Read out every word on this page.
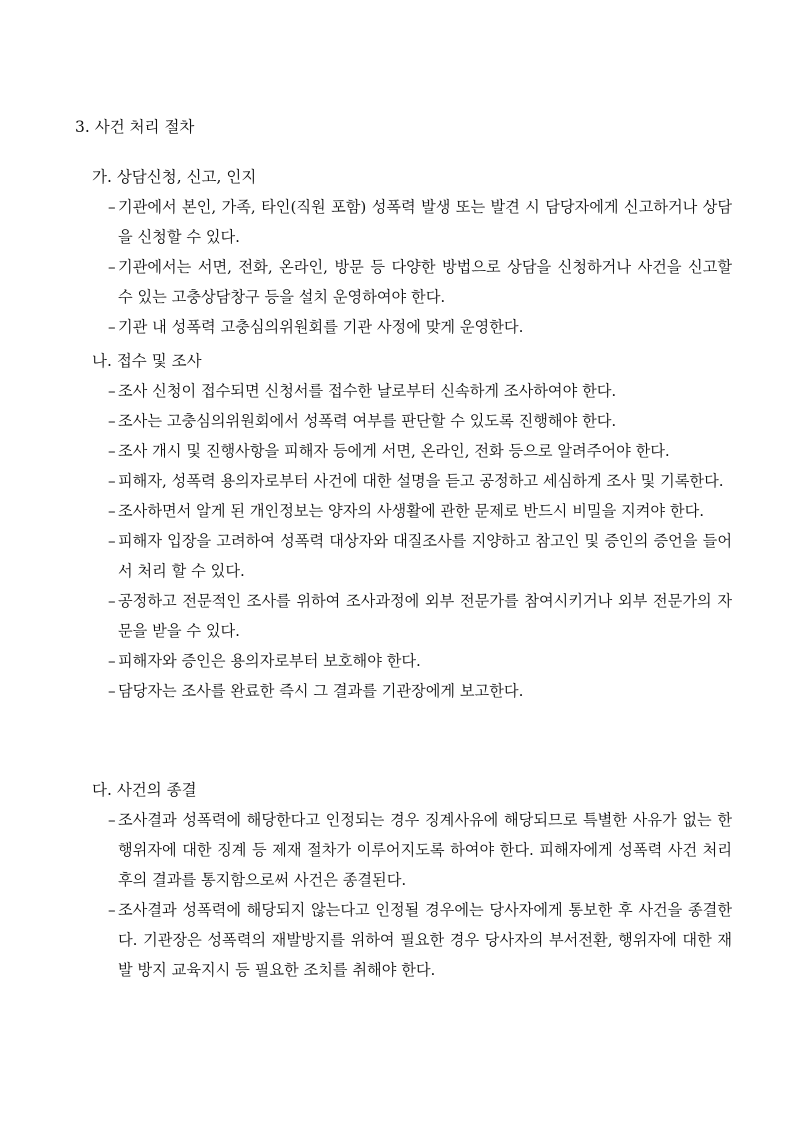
3. 사건 처리 절차
가. 상담신청, 신고, 인지
– 기관에서 본인, 가족, 타인(직원 포함) 성폭력 발생 또는 발견 시 담당자에게 신고하거나 상담을 신청할 수 있다.
– 기관에서는 서면, 전화, 온라인, 방문 등 다양한 방법으로 상담을 신청하거나 사건을 신고할 수 있는 고충상담창구 등을 설치 운영하여야 한다.
– 기관 내 성폭력 고충심의위원회를 기관 사정에 맞게 운영한다.
나. 접수 및 조사
– 조사 신청이 접수되면 신청서를 접수한 날로부터 신속하게 조사하여야 한다.
– 조사는 고충심의위원회에서 성폭력 여부를 판단할 수 있도록 진행해야 한다.
– 조사 개시 및 진행사항을 피해자 등에게 서면, 온라인, 전화 등으로 알려주어야 한다.
– 피해자, 성폭력 용의자로부터 사건에 대한 설명을 듣고 공정하고 세심하게 조사 및 기록한다.
– 조사하면서 알게 된 개인정보는 양자의 사생활에 관한 문제로 반드시 비밀을 지켜야 한다.
– 피해자 입장을 고려하여 성폭력 대상자와 대질조사를 지양하고 참고인 및 증인의 증언을 들어서 처리 할 수 있다.
– 공정하고 전문적인 조사를 위하여 조사과정에 외부 전문가를 참여시키거나 외부 전문가의 자문을 받을 수 있다.
– 피해자와 증인은 용의자로부터 보호해야 한다.
– 담당자는 조사를 완료한 즉시 그 결과를 기관장에게 보고한다.
다. 사건의 종결
– 조사결과 성폭력에 해당한다고 인정되는 경우 징계사유에 해당되므로 특별한 사유가 없는 한 행위자에 대한 징계 등 제재 절차가 이루어지도록 하여야 한다. 피해자에게 성폭력 사건 처리 후의 결과를 통지함으로써 사건은 종결된다.
– 조사결과 성폭력에 해당되지 않는다고 인정될 경우에는 당사자에게 통보한 후 사건을 종결한다. 기관장은 성폭력의 재발방지를 위하여 필요한 경우 당사자의 부서전환, 행위자에 대한 재발 방지 교육지시 등 필요한 조치를 취해야 한다.
